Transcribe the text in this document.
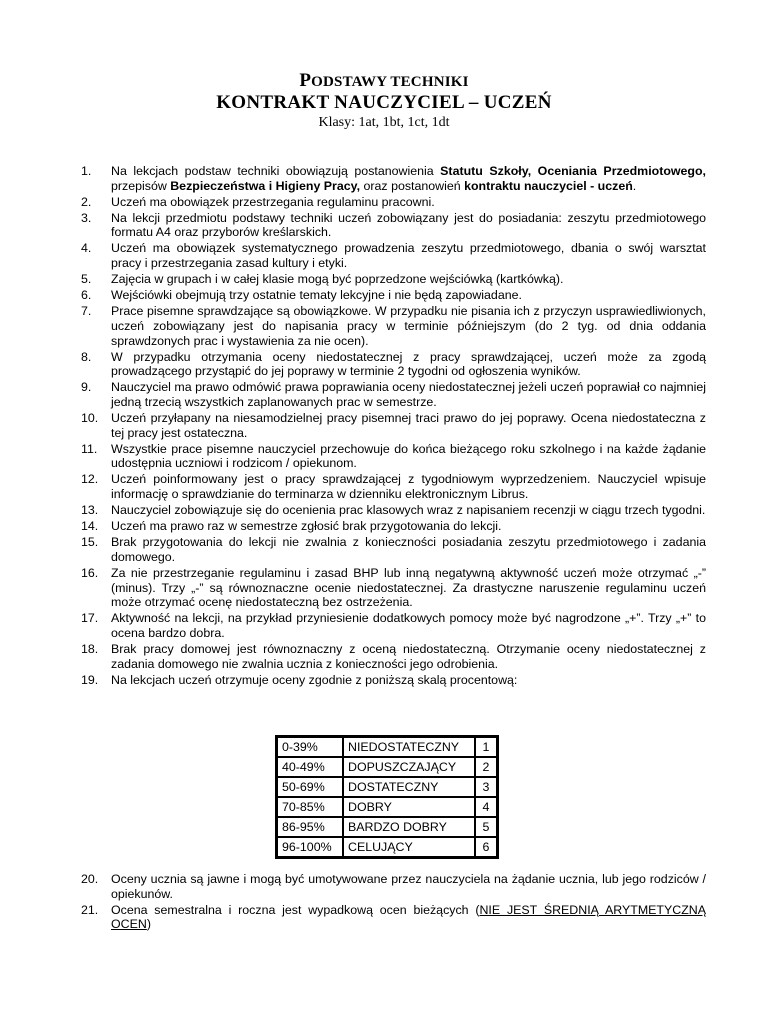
PODSTAWY TECHNIKI
KONTRAKT NAUCZYCIEL – UCZEŃ
Klasy: 1at, 1bt, 1ct, 1dt
1. Na lekcjach podstaw techniki obowiązują postanowienia Statutu Szkoły, Oceniania Przedmiotowego, przepisów Bezpieczeństwa i Higieny Pracy, oraz postanowień kontraktu nauczyciel - uczeń.
2. Uczeń ma obowiązek przestrzegania regulaminu pracowni.
3. Na lekcji przedmiotu podstawy techniki uczeń zobowiązany jest do posiadania: zeszytu przedmiotowego formatu A4 oraz przyborów kreślarskich.
4. Uczeń ma obowiązek systematycznego prowadzenia zeszytu przedmiotowego, dbania o swój warsztat pracy i przestrzegania zasad kultury i etyki.
5. Zajęcia w grupach i w całej klasie mogą być poprzedzone wejściówką (kartkówką).
6. Wejściówki obejmują trzy ostatnie tematy lekcyjne i nie będą zapowiadane.
7. Prace pisemne sprawdzające są obowiązkowe. W przypadku nie pisania ich z przyczyn usprawiedliwionych, uczeń zobowiązany jest do napisania pracy w terminie późniejszym (do 2 tyg. od dnia oddania sprawdzonych prac i wystawienia za nie ocen).
8. W przypadku otrzymania oceny niedostatecznej z pracy sprawdzającej, uczeń może za zgodą prowadzącego przystąpić do jej poprawy w terminie 2 tygodni od ogłoszenia wyników.
9. Nauczyciel ma prawo odmówić prawa poprawiania oceny niedostatecznej jeżeli uczeń poprawiał co najmniej jedną trzecią wszystkich zaplanowanych prac w semestrze.
10. Uczeń przyłapany na niesamodzielnej pracy pisemnej traci prawo do jej poprawy. Ocena niedostateczna z tej pracy jest ostateczna.
11. Wszystkie prace pisemne nauczyciel przechowuje do końca bieżącego roku szkolnego i na każde żądanie udostępnia uczniowi i rodzicom / opiekunom.
12. Uczeń poinformowany jest o pracy sprawdzającej z tygodniowym wyprzedzeniem. Nauczyciel wpisuje informację o sprawdzianie do terminarza w dzienniku elektronicznym Librus.
13. Nauczyciel zobowiązuje się do ocenienia prac klasowych wraz z napisaniem recenzji w ciągu trzech tygodni.
14. Uczeń ma prawo raz w semestrze zgłosić brak przygotowania do lekcji.
15. Brak przygotowania do lekcji nie zwalnia z konieczności posiadania zeszytu przedmiotowego i zadania domowego.
16. Za nie przestrzeganie regulaminu i zasad BHP lub inną negatywną aktywność uczeń może otrzymać „-” (minus). Trzy „-” są równoznaczne ocenie niedostatecznej. Za drastyczne naruszenie regulaminu uczeń może otrzymać ocenę niedostateczną bez ostrzeżenia.
17. Aktywność na lekcji, na przykład przyniesienie dodatkowych pomocy może być nagrodzone „+”. Trzy „+” to ocena bardzo dobra.
18. Brak pracy domowej jest równoznaczny z oceną niedostateczną. Otrzymanie oceny niedostatecznej z zadania domowego nie zwalnia ucznia z konieczności jego odrobienia.
19. Na lekcjach uczeń otrzymuje oceny zgodnie z poniższą skalą procentową:
0-39%	NIEDOSTATECZNY	1
40-49%	DOPUSZCZAJĄCY	2
50-69%	DOSTATECZNY	3
70-85%	DOBRY	4
86-95%	BARDZO DOBRY	5
96-100%	CELUJĄCY	6
20. Oceny ucznia są jawne i mogą być umotywowane przez nauczyciela na żądanie ucznia, lub jego rodziców / opiekunów.
21. Ocena semestralna i roczna jest wypadkową ocen bieżących (NIE JEST ŚREDNIĄ ARYTMETYCZNĄ OCEN)
